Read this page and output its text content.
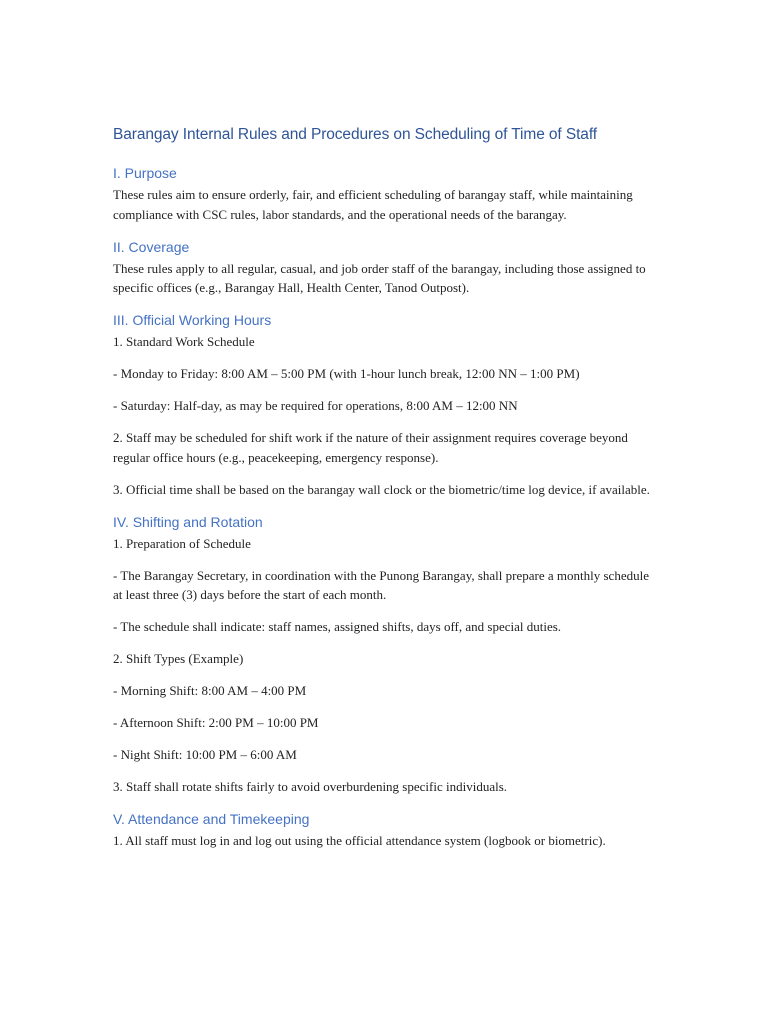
Barangay Internal Rules and Procedures on Scheduling of Time of Staff
I. Purpose

These rules aim to ensure orderly, fair, and efficient scheduling of barangay staff, while maintaining compliance with CSC rules, labor standards, and the operational needs of the barangay.

II. Coverage

These rules apply to all regular, casual, and job order staff of the barangay, including those assigned to specific offices (e.g., Barangay Hall, Health Center, Tanod Outpost).

III. Official Working Hours

1. Standard Work Schedule

- Monday to Friday: 8:00 AM – 5:00 PM (with 1-hour lunch break, 12:00 NN – 1:00 PM)

- Saturday: Half-day, as may be required for operations, 8:00 AM – 12:00 NN

2. Staff may be scheduled for shift work if the nature of their assignment requires coverage beyond regular office hours (e.g., peacekeeping, emergency response).

3. Official time shall be based on the barangay wall clock or the biometric/time log device, if available.

IV. Shifting and Rotation

1. Preparation of Schedule

- The Barangay Secretary, in coordination with the Punong Barangay, shall prepare a monthly schedule at least three (3) days before the start of each month.

- The schedule shall indicate: staff names, assigned shifts, days off, and special duties.

2. Shift Types (Example)

- Morning Shift: 8:00 AM – 4:00 PM

- Afternoon Shift: 2:00 PM – 10:00 PM

- Night Shift: 10:00 PM – 6:00 AM

3. Staff shall rotate shifts fairly to avoid overburdening specific individuals.

V. Attendance and Timekeeping

1. All staff must log in and log out using the official attendance system (logbook or biometric).
